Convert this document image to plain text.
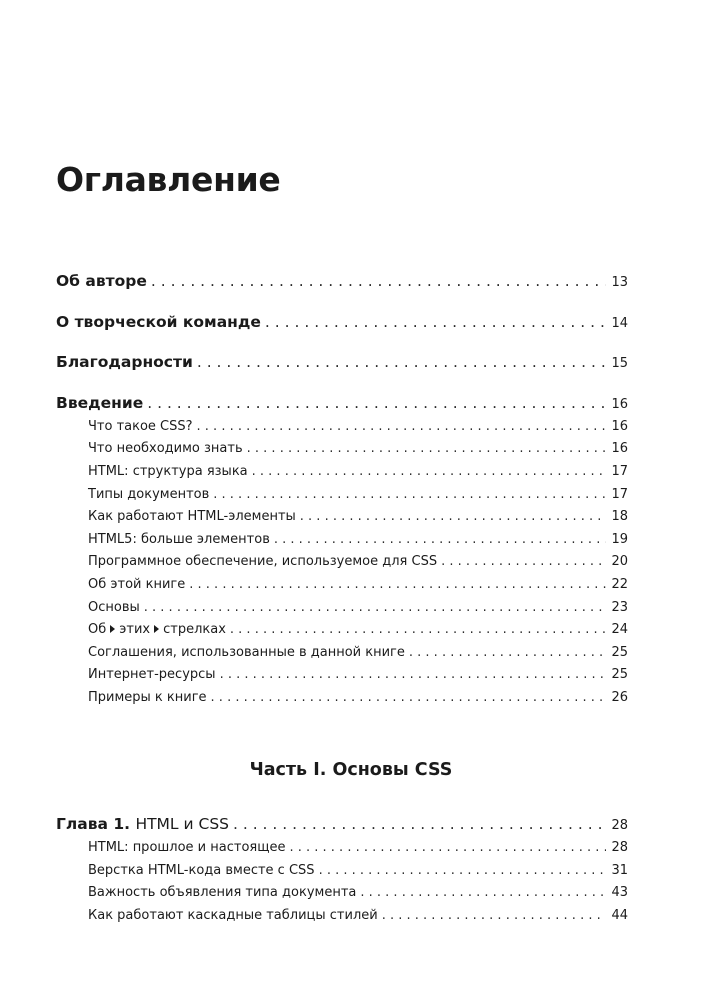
Оглавление
Об авторе . . .	13
О творческой команде . . .	14
Благодарности . . .	15
Введение . . .	16
Что такое CSS? . . .	16
Что необходимо знать . . .	16
HTML: структура языка . . .	17
Типы документов . . .	17
Как работают HTML-элементы . . .	18
HTML5: больше элементов . . .	19
Программное обеспечение, используемое для CSS . . .	20
Об этой книге . . .	22
Основы . . .	23
Об этих стрелках . . .	24
Соглашения, использованные в данной книге . . .	25
Интернет-ресурсы . . .	25
Примеры к книге . . .	26
Часть I. Основы CSS
Глава 1. HTML и CSS . . .	28
HTML: прошлое и настоящее . . .	28
Верстка HTML-кода вместе с CSS . . .	31
Важность объявления типа документа . . .	43
Как работают каскадные таблицы стилей . . .	44
